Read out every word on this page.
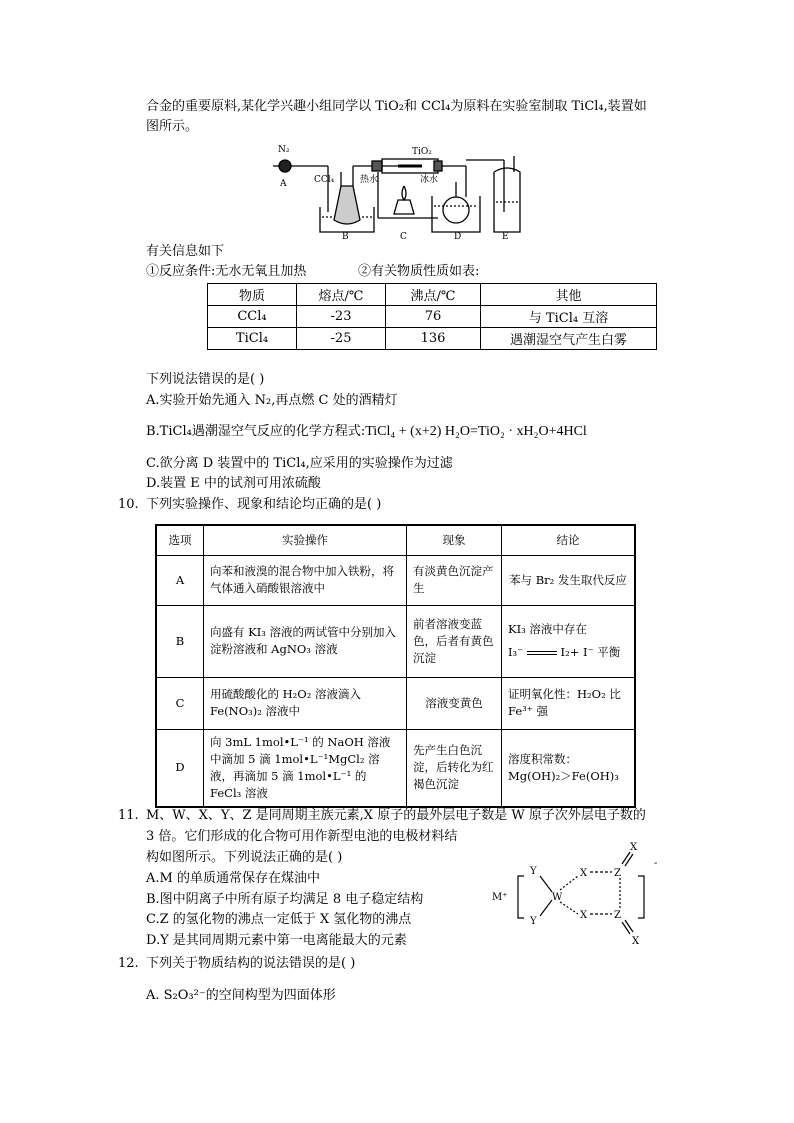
合金的重要原料,某化学兴趣小组同学以 TiO₂和 CCl₄为原料在实验室制取 TiCl₄,装置如
图所示。
N₂
A	CCl₄	热水
TiO₂
冰水
B	C	D	E
有关信息如下
①反应条件:无水无氧且加热	②有关物质性质如表:
物质	熔点/℃	沸点/℃	其他
CCl₄	-23	76	与 TiCl₄ 互溶
TiCl₄	-25	136	遇潮湿空气产生白雾
下列说法错误的是( )
A.实验开始先通入 N₂,再点燃 C 处的酒精灯
B.TiCl₄遇潮湿空气反应的化学方程式:TiCl₄ + (x+2) H₂O=TiO₂ · xH₂O+4HCl
C.欲分离 D 装置中的 TiCl₄,应采用的实验操作为过滤
D.装置 E 中的试剂可用浓硫酸
10. 下列实验操作、现象和结论均正确的是( )
选项	实验操作	现象	结论
A	向苯和液溴的混合物中加入铁粉，将气体通入硝酸银溶液中	有淡黄色沉淀产生	苯与 Br₂ 发生取代反应
B	向盛有 KI₃ 溶液的两试管中分别加入淀粉溶液和 AgNO₃ 溶液	前者溶液变蓝色，后者有黄色沉淀	KI₃ 溶液中存在
I₃⁻ I₂+ I⁻ 平衡

C	用硫酸酸化的 H₂O₂ 溶液滴入 Fe(NO₃)₂ 溶液中	溶液变黄色	证明氧化性：H₂O₂ 比 Fe³⁺ 强
D	向 3mL 1mol•L⁻¹ 的 NaOH 溶液中滴加 5 滴 1mol•L⁻¹MgCl₂ 溶液，再滴加 5 滴 1mol•L⁻¹ 的 FeCl₃ 溶液	先产生白色沉淀，后转化为红褐色沉淀	溶度积常数：Mg(OH)₂＞Fe(OH)₃
11. M、W、X、Y、Z 是同周期主族元素,X 原子的最外层电子数是 W 原子次外层电子数的
3 倍。它们形成的化合物可用作新型电池的电极材料结
构如图所示。下列说法正确的是( )
A.M 的单质通常保存在煤油中
B.图中阴离子中所有原子均满足 8 电子稳定结构
C.Z 的氢化物的沸点一定低于 X 氢化物的沸点
D.Y 是其同周期元素中第一电离能最大的元素
M⁺
Y
Y
W
X
X
Z
Z
X
X
-
12. 下列关于物质结构的说法错误的是( )
A. S₂O₃²⁻的空间构型为四面体形
